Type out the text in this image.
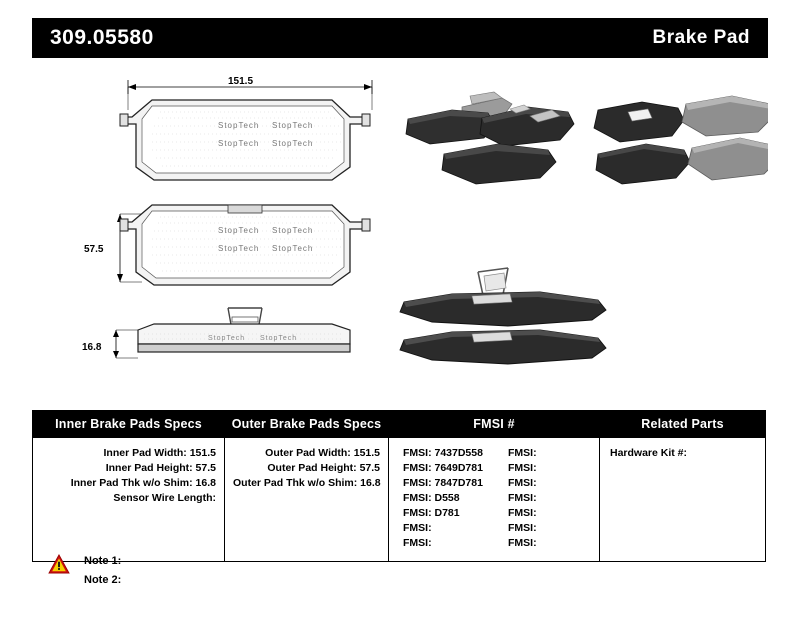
309.05580	Brake Pad
151.5
57.5
16.8
StopTech StopTech
StopTech StopTech
StopTech StopTech
StopTech StopTech
StopTech StopTech
Inner Brake Pads Specs
Inner Pad Width: 151.5
Inner Pad Height: 57.5
Inner Pad Thk w/o Shim: 16.8
Sensor Wire Length:
Outer Brake Pads Specs
Outer Pad Width: 151.5
Outer Pad Height: 57.5
Outer Pad Thk w/o Shim: 16.8
FMSI #
FMSI: 7437D558
FMSI: 7649D781
FMSI: 7847D781
FMSI: D558
FMSI: D781
FMSI:
FMSI:
FMSI:
FMSI:
FMSI:
FMSI:
FMSI:
FMSI:
FMSI:
Related Parts
Hardware Kit #:
Note 1:
Note 2:
